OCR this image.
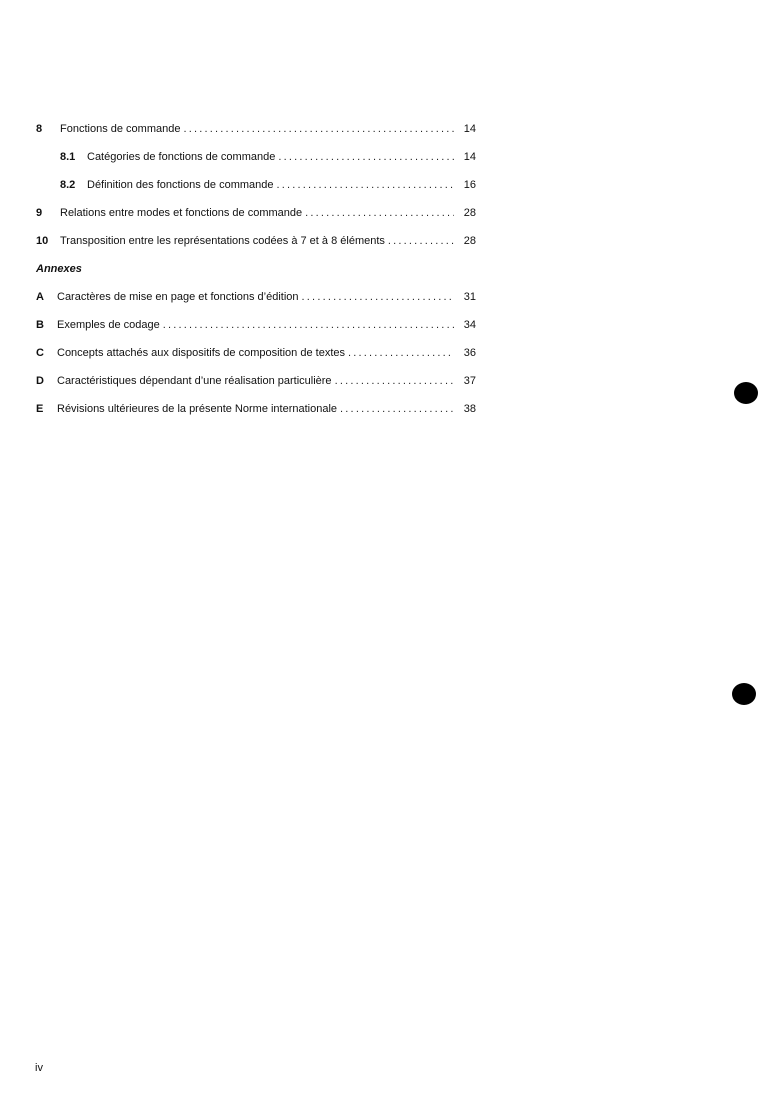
8	Fonctions de commande .....	14
8.1	Catégories de fonctions de commande .....	14
8.2	Définition des fonctions de commande .....	16
9	Relations entre modes et fonctions de commande .....	28
10	Transposition entre les représentations codées à 7 et à 8 éléments .....	28
Annexes
A	Caractères de mise en page et fonctions d’édition .....	31
B	Exemples de codage .....	34
C	Concepts attachés aux dispositifs de composition de textes .....	36
D	Caractéristiques dépendant d’une réalisation particulière .....	37
E	Révisions ultérieures de la présente Norme internationale .....	38
iv
